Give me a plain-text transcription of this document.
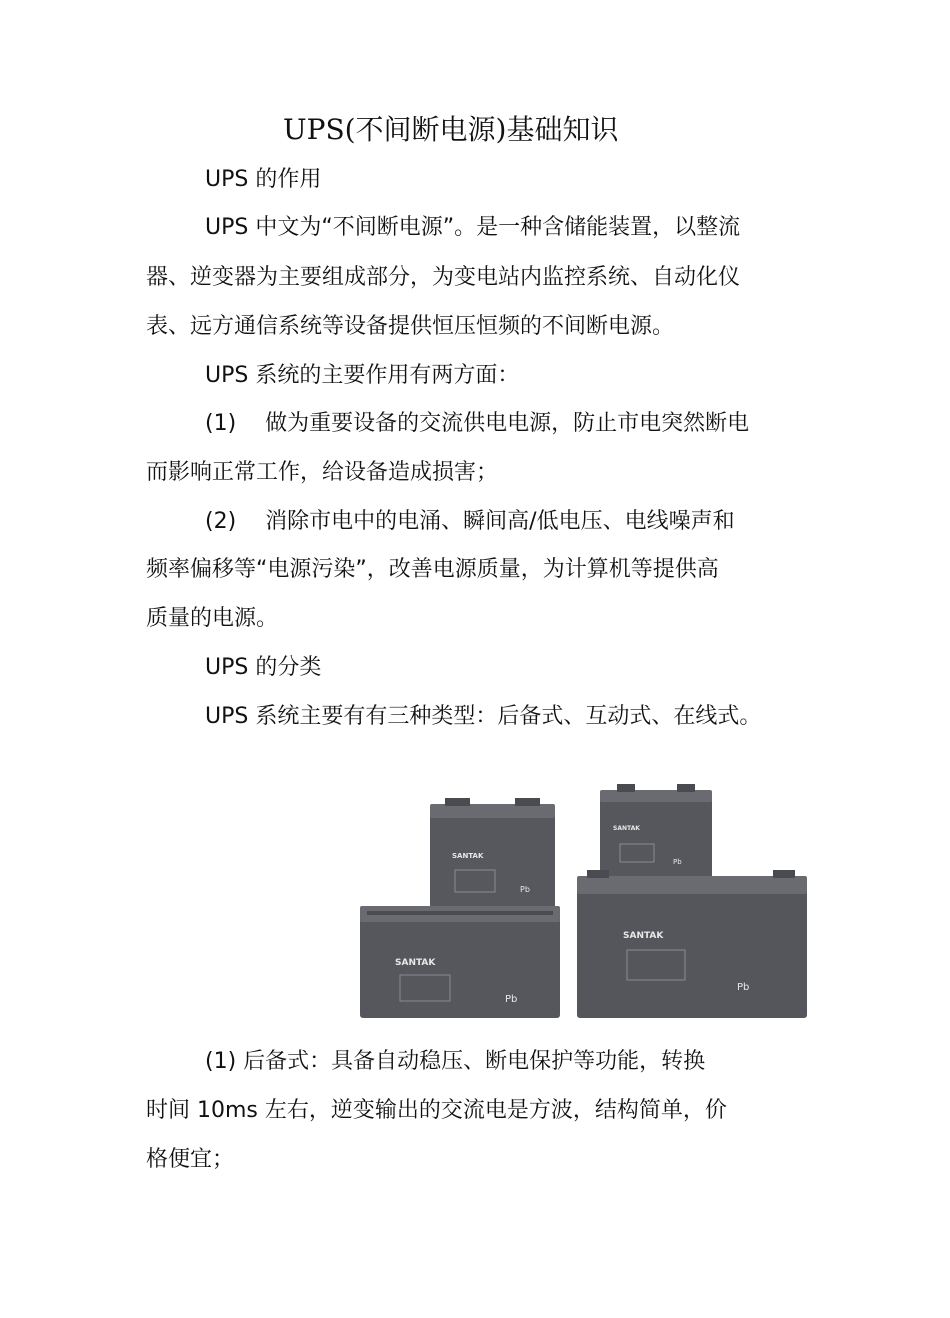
UPS(不间断电源)基础知识
UPS 的作用
UPS 中文为“不间断电源”。是一种含储能装置，以整流
器、逆变器为主要组成部分，为变电站内监控系统、自动化仪
表、远方通信系统等设备提供恒压恒频的不间断电源。
UPS 系统的主要作用有两方面：
(1)　 做为重要设备的交流供电电源，防止市电突然断电
而影响正常工作，给设备造成损害；
(2)　 消除市电中的电涌、瞬间高/低电压、电线噪声和
频率偏移等“电源污染”，改善电源质量，为计算机等提供高
质量的电源。
UPS 的分类
UPS 系统主要有有三种类型：后备式、互动式、在线式。
SANTAK
Pb
SANTAK
Pb
SANTAK
Pb
SANTAK
Pb
(1) 后备式：具备自动稳压、断电保护等功能，转换
时间 10ms 左右，逆变输出的交流电是方波，结构简单，价
格便宜；
